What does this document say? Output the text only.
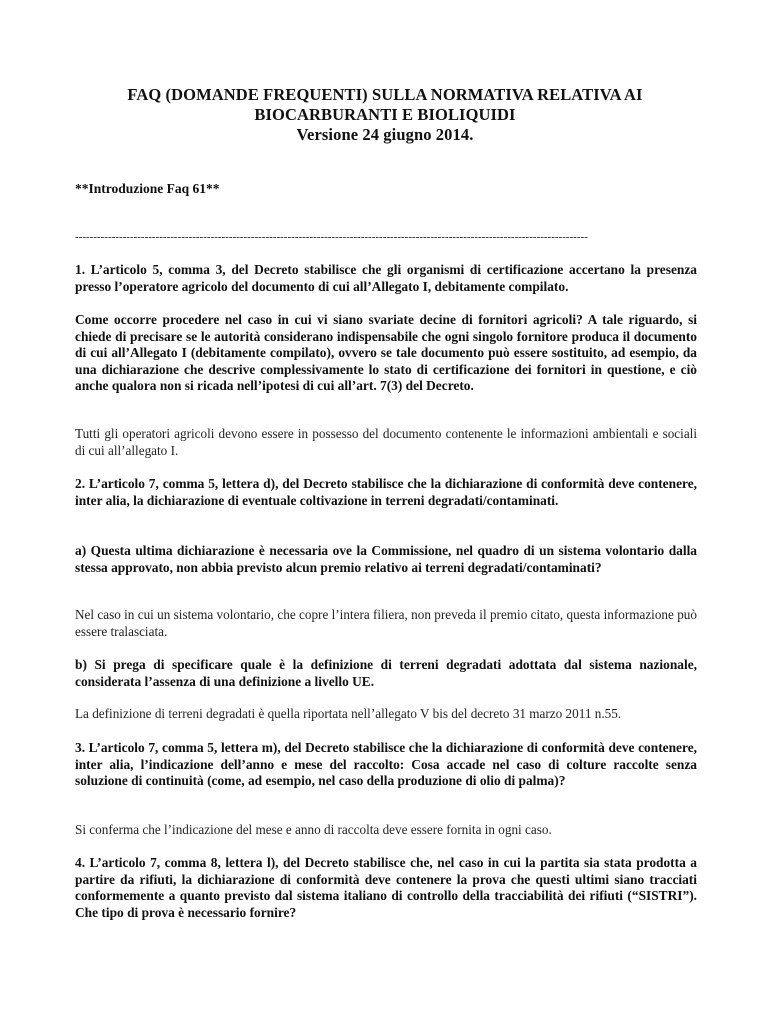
FAQ (DOMANDE FREQUENTI) SULLA NORMATIVA RELATIVA AI
BIOCARBURANTI E BIOLIQUIDI
Versione 24 giugno 2014.
**Introduzione Faq 61**
--------------------------------------------------------------------------------------------------------------------------------------------
1. L’articolo 5, comma 3, del Decreto stabilisce che gli organismi di certificazione accertano la presenza presso l’operatore agricolo del documento di cui all’Allegato I, debitamente compilato.
Come occorre procedere nel caso in cui vi siano svariate decine di fornitori agricoli? A tale riguardo, si chiede di precisare se le autorità considerano indispensabile che ogni singolo fornitore produca il documento di cui all’Allegato I (debitamente compilato), ovvero se tale documento può essere sostituito, ad esempio, da una dichiarazione che descrive complessivamente lo stato di certificazione dei fornitori in questione, e ciò anche qualora non si ricada nell’ipotesi di cui all’art. 7(3) del Decreto.
Tutti gli operatori agricoli devono essere in possesso del documento contenente le informazioni ambientali e sociali di cui all’allegato I.
2. L’articolo 7, comma 5, lettera d), del Decreto stabilisce che la dichiarazione di conformità deve contenere, inter alia, la dichiarazione di eventuale coltivazione in terreni degradati/contaminati.
a) Questa ultima dichiarazione è necessaria ove la Commissione, nel quadro di un sistema volontario dalla stessa approvato, non abbia previsto alcun premio relativo ai terreni degradati/contaminati?
Nel caso in cui un sistema volontario, che copre l’intera filiera, non preveda il premio citato, questa informazione può essere tralasciata.
b) Si prega di specificare quale è la definizione di terreni degradati adottata dal sistema nazionale, considerata l’assenza di una definizione a livello UE.
La definizione di terreni degradati è quella riportata nell’allegato V bis del decreto 31 marzo 2011 n.55.
3. L’articolo 7, comma 5, lettera m), del Decreto stabilisce che la dichiarazione di conformità deve contenere, inter alia, l’indicazione dell’anno e mese del raccolto: Cosa accade nel caso di colture raccolte senza soluzione di continuità (come, ad esempio, nel caso della produzione di olio di palma)?
Si conferma che l’indicazione del mese e anno di raccolta deve essere fornita in ogni caso.
4. L’articolo 7, comma 8, lettera l), del Decreto stabilisce che, nel caso in cui la partita sia stata prodotta a partire da rifiuti, la dichiarazione di conformità deve contenere la prova che questi ultimi siano tracciati conformemente a quanto previsto dal sistema italiano di controllo della tracciabilità dei rifiuti (“SISTRI”). Che tipo di prova è necessario fornire?
